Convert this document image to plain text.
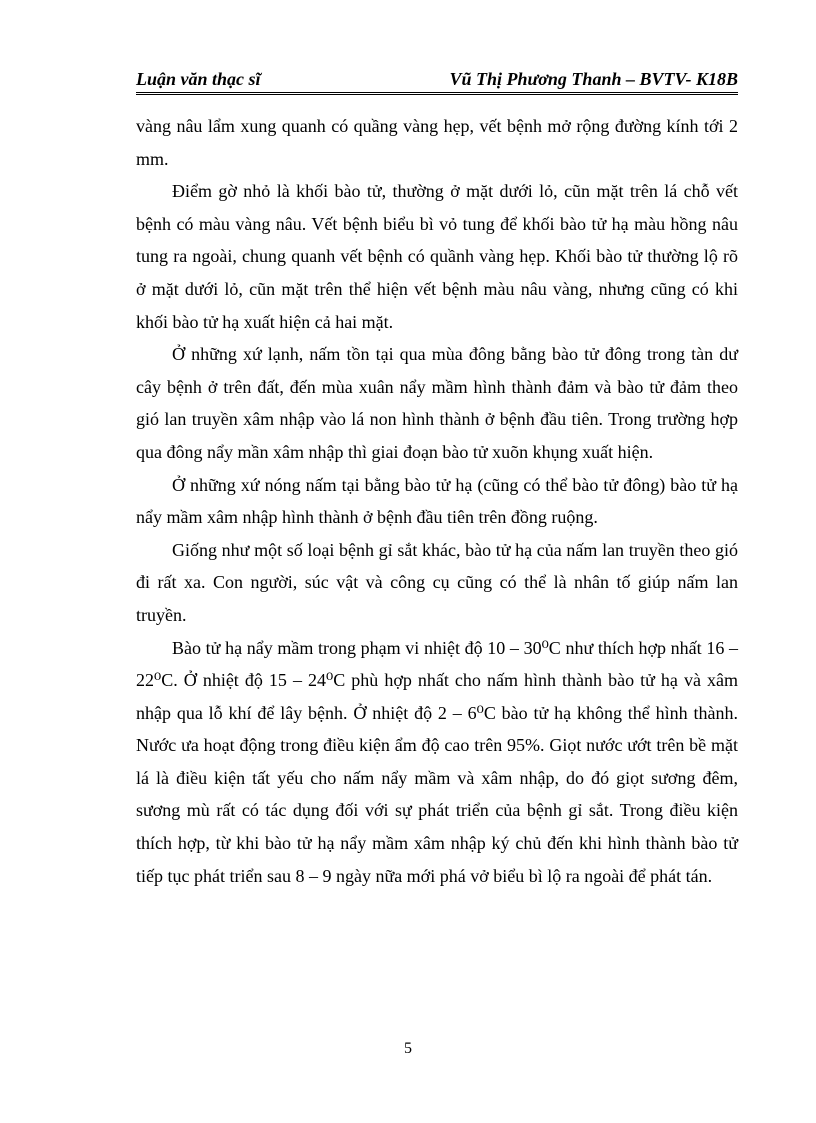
Luận văn thạc sĩ	Vũ Thị Phương Thanh – BVTV- K18B

vàng nâu lẩm xung quanh có quầng vàng hẹp, vết bệnh mở rộng đường kính tới 2 mm.

Điểm gờ nhỏ là khối bào tử, thường ở mặt dưới lỏ, cũn mặt trên lá chỗ vết bệnh có màu vàng nâu. Vết bệnh biểu bì vỏ tung để khối bào tử hạ màu hồng nâu tung ra ngoài, chung quanh vết bệnh có quầnh vàng hẹp. Khối bào tử thường lộ rõ ở mặt dưới lỏ, cũn mặt trên thể hiện vết bệnh màu nâu vàng, nhưng cũng có khi khối bào tử hạ xuất hiện cả hai mặt.

Ở những xứ lạnh, nấm tồn tại qua mùa đông bằng bào tử đông trong tàn dư cây bệnh ở trên đất, đến mùa xuân nẩy mầm hình thành đảm và bào tử đảm theo gió lan truyền xâm nhập vào lá non hình thành ở bệnh đầu tiên. Trong trường hợp qua đông nẩy mần xâm nhập thì giai đoạn bào tử xuõn khụng xuất hiện.

Ở những xứ nóng nấm tại bằng bào tử hạ (cũng có thể bào tử đông) bào tử hạ nẩy mầm xâm nhập hình thành ở bệnh đầu tiên trên đồng ruộng.

Giống như một số loại bệnh gỉ sắt khác, bào tử hạ của nấm lan truyền theo gió đi rất xa. Con người, súc vật và công cụ cũng có thể là nhân tố giúp nấm lan truyền.

Bào tử hạ nẩy mầm trong phạm vi nhiệt độ 10 – 30⁰C như thích hợp nhất 16 – 22⁰C. Ở nhiệt độ 15 – 24⁰C phù hợp nhất cho nấm hình thành bào tử hạ và xâm nhập qua lỗ khí để lây bệnh. Ở nhiệt độ 2 – 6⁰C bào tử hạ không thể hình thành. Nước ưa hoạt động trong điều kiện ẩm độ cao trên 95%. Giọt nước ướt trên bề mặt lá là điều kiện tất yếu cho nấm nẩy mầm và xâm nhập, do đó giọt sương đêm, sương mù rất có tác dụng đối với sự phát triển của bệnh gỉ sắt. Trong điều kiện thích hợp, từ khi bào tử hạ nẩy mầm xâm nhập ký chủ đến khi hình thành bào tử tiếp tục phát triển sau 8 – 9 ngày nữa mới phá vở biểu bì lộ ra ngoài để phát tán.

5
